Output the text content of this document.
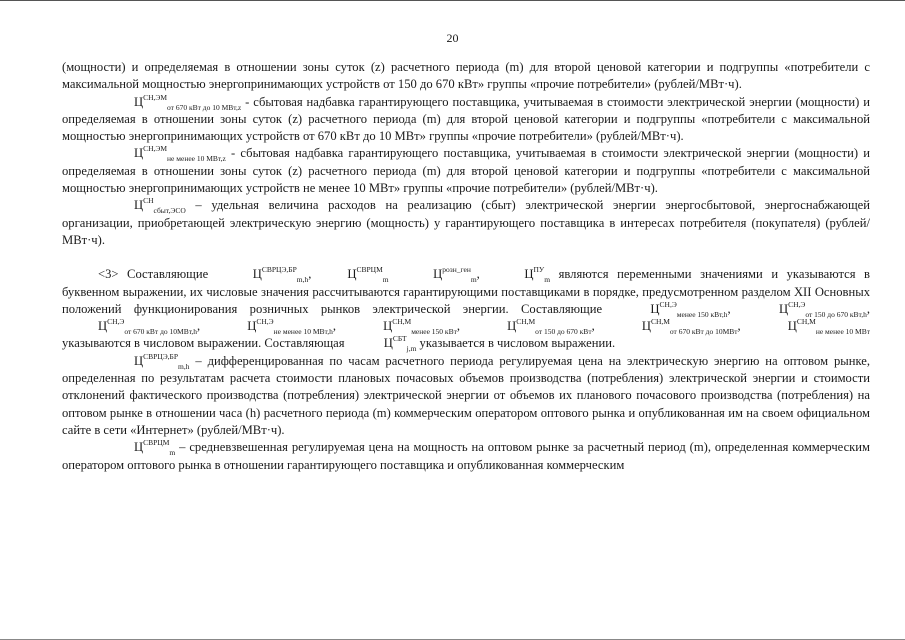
20

(мощности) и определяемая в отношении зоны суток (z) расчетного периода (m) для второй ценовой категории и подгруппы «потребители с максимальной мощностью энергопринимающих устройств от 150 до 670 кВт» группы «прочие потребители» (рублей/МВт·ч).

$Ц^{СН,ЭМ}_{от 670 кВт до 10 МВт,z}$ - сбытовая надбавка гарантирующего поставщика, учитываемая в стоимости электрической энергии (мощности) и определяемая в отношении зоны суток (z) расчетного периода (m) для второй ценовой категории и подгруппы «потребители с максимальной мощностью энергопринимающих устройств от 670 кВт до 10 МВт» группы «прочие потребители» (рублей/МВт·ч).

$Ц^{СН,ЭМ}_{не менее 10 МВт,z}$ - сбытовая надбавка гарантирующего поставщика, учитываемая в стоимости электрической энергии (мощности) и определяемая в отношении зоны суток (z) расчетного периода (m) для второй ценовой категории и подгруппы «потребители с максимальной мощностью энергопринимающих устройств не менее 10 МВт» группы «прочие потребители» (рублей/МВт·ч).

$Ц^{СН}_{сбыт,ЭСО}$ – удельная величина расходов на реализацию (сбыт) электрической энергии энергосбытовой, энергоснабжающей организации, приобретающей электрическую энергию (мощность) у гарантирующего поставщика в интересах потребителя (покупателя) (рублей/МВт·ч).

<3> Составляющие	$Ц^{СВРЦЭ,БР}_{m,h}$,	$Ц^{СВРЦМ}_m$	$Ц^{розн\_ген}_m$,	$Ц^{ПУ}_m$ являются переменными значениями и указываются в буквенном выражении, их числовые значения рассчитываются гарантирующими поставщиками в порядке, предусмотренном разделом XII Основных положений функционирования розничных рынков электрической энергии. Составляющие	$Ц^{СН,Э}_{менее 150 кВт,h}$,	$Ц^{СН,Э}_{от 150 до 670 кВт,h}$, $Ц^{СН,Э}_{от 670 кВт до 10МВт,h}$,	$Ц^{СН,Э}_{не менее 10 МВт,h}$,	$Ц^{СН,М}_{менее 150 кВт}$,	$Ц^{СН,М}_{от 150 до 670 кВт}$,	$Ц^{СН,М}_{от 670 кВт до 10МВт}$,	$Ц^{СН,М}_{не менее 10 МВт}$ указываются в числовом выражении. Составляющая	$Ц^{СБТ}_{j,m}$ указывается в числовом выражении.

$Ц^{СВРЦЭ,БР}_{m,h}$ – дифференцированная по часам расчетного периода регулируемая цена на электрическую энергию на оптовом рынке, определенная по результатам расчета стоимости плановых почасовых объемов производства (потребления) электрической энергии и стоимости отклонений фактического производства (потребления) электрической энергии от объемов их планового почасового производства (потребления) на оптовом рынке в отношении часа (h) расчетного периода (m) коммерческим оператором оптового рынка и опубликованная им на своем официальном сайте в сети «Интернет» (рублей/МВт·ч).

$Ц^{СВРЦМ}_m$ – средневзвешенная регулируемая цена на мощность на оптовом рынке за расчетный период (m), определенная коммерческим оператором оптового рынка в отношении гарантирующего поставщика и опубликованная коммерческим
